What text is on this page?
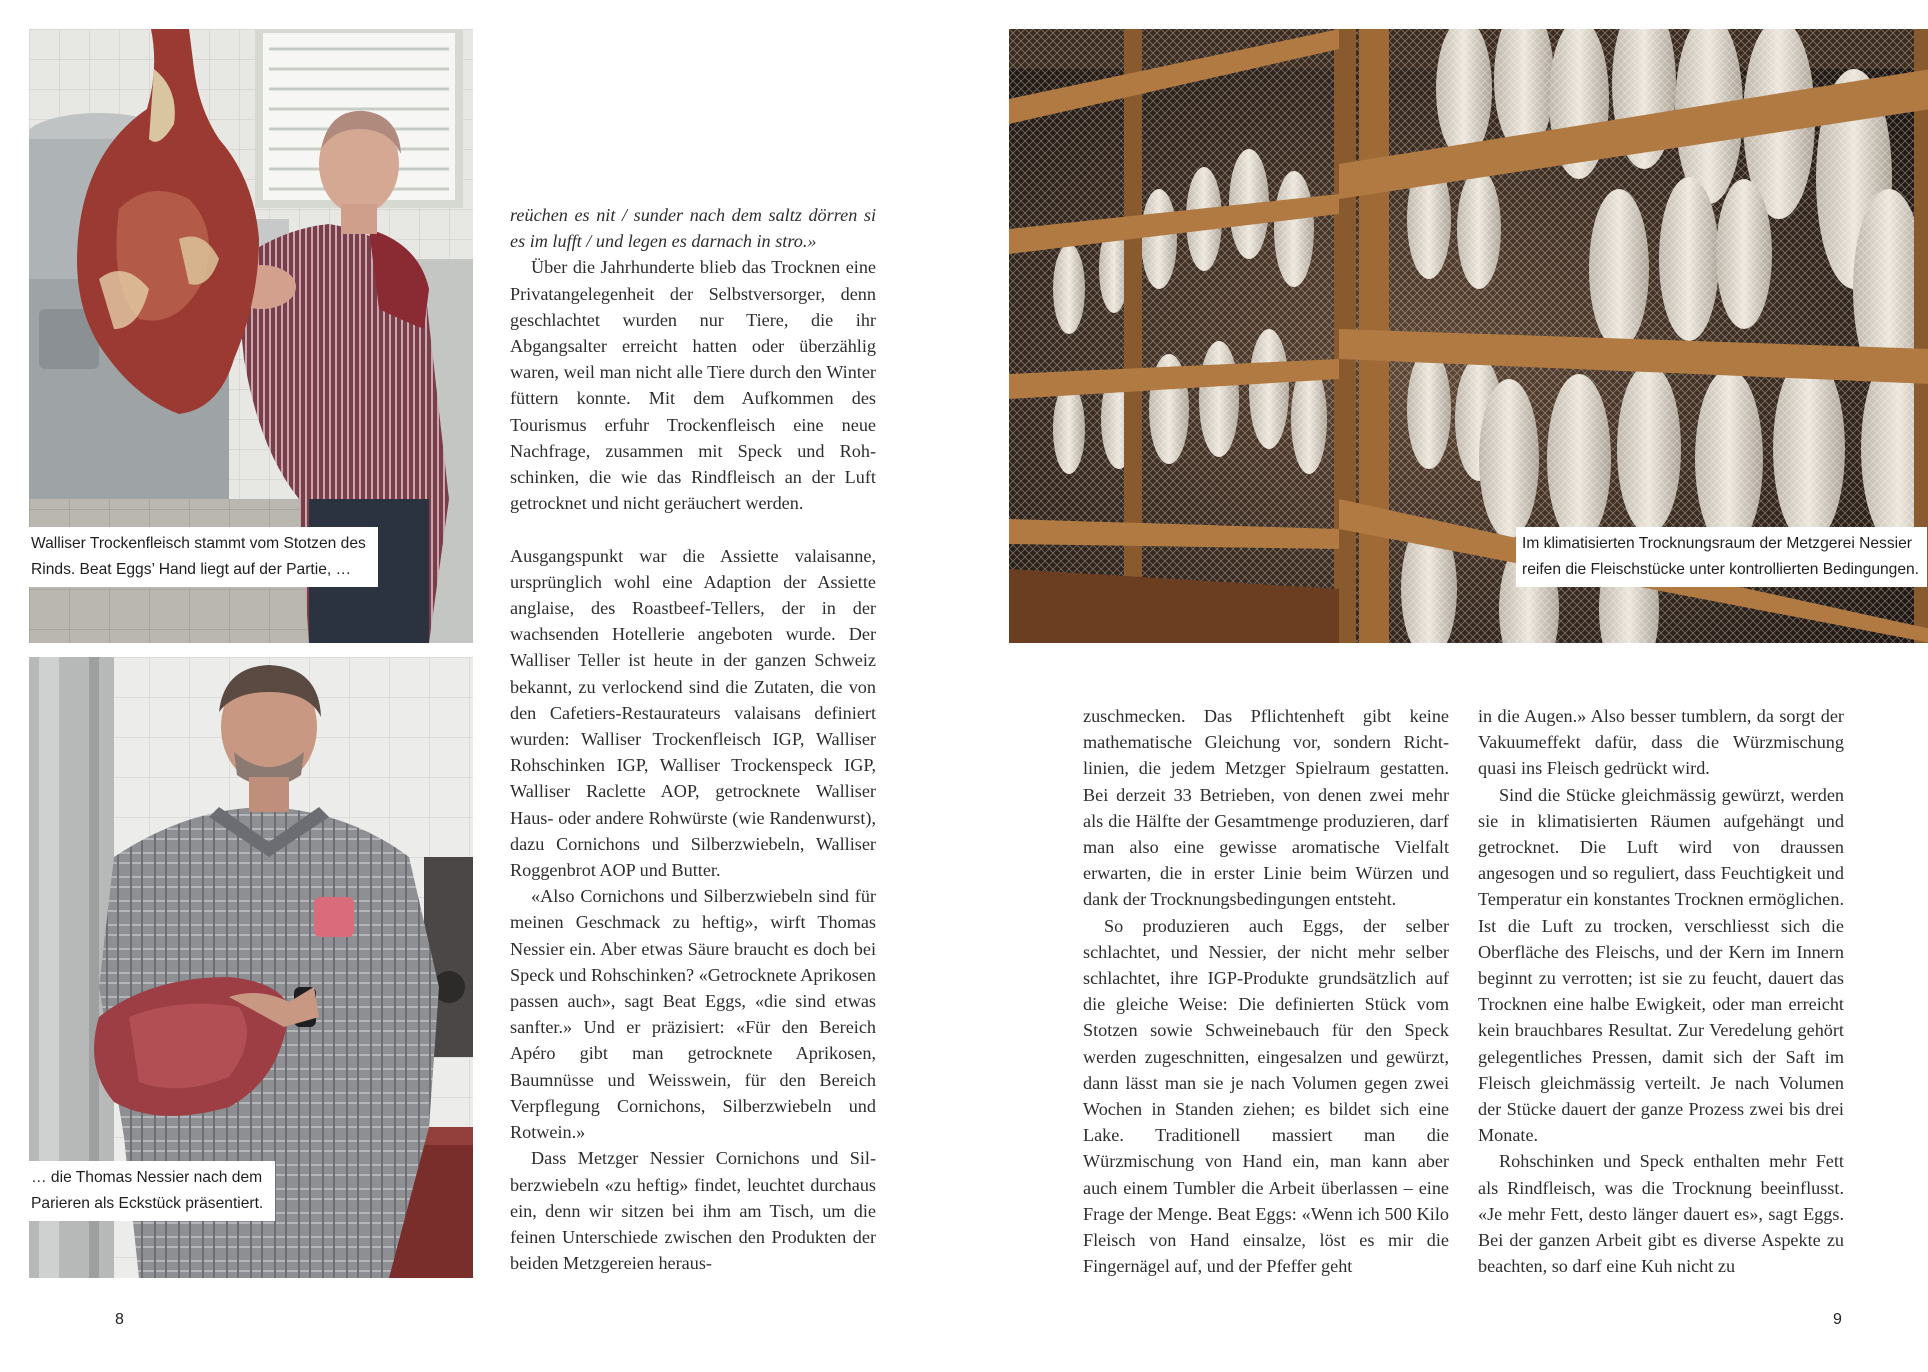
Walliser Trockenfleisch stammt vom Stotzen des
Rinds. Beat Eggs’ Hand liegt auf der Partie, …
… die Thomas Nessier nach dem
Parieren als Eckstück präsentiert.
Im klimatisierten Trocknungsraum der Metzgerei Nessier
reifen die Fleischstücke unter kontrollierten Bedingungen.

reüchen es nit / sunder nach dem saltz dörren si es im lufft / und legen es darnach in stro.»

Über die Jahrhunderte blieb das Trocknen eine Privatangelegenheit der Selbstversorger, denn geschlachtet wurden nur Tiere, die ihr Abgangsalter erreicht hatten oder überzählig waren, weil man nicht alle Tiere durch den Winter füttern konnte. Mit dem Aufkommen des Tourismus erfuhr Trockenfleisch eine neue Nachfrage, zusammen mit Speck und Rohschinken, die wie das Rindfleisch an der Luft getrocknet und nicht geräuchert werden.

Ausgangspunkt war die Assiette valaisanne, ursprünglich wohl eine Adaption der Assiette anglaise, des Roastbeef-Tellers, der in der wachsenden Hotellerie angeboten wurde. Der Walliser Teller ist heute in der ganzen Schweiz bekannt, zu verlockend sind die Zutaten, die von den Cafetiers-Restaurateurs valaisans definiert wurden: Walliser Trockenfleisch IGP, Walliser Rohschinken IGP, Walliser Trockenspeck IGP, Walliser Raclette AOP, getrocknete Walliser Haus- oder andere Rohwürste (wie Randenwurst), dazu Cornichons und Silberzwiebeln, Walliser Roggenbrot AOP und Butter.

«Also Cornichons und Silberzwiebeln sind für meinen Geschmack zu heftig», wirft Thomas Nessier ein. Aber etwas Säure braucht es doch bei Speck und Rohschinken? «Getrocknete Aprikosen passen auch», sagt Beat Eggs, «die sind etwas sanfter.» Und er präzisiert: «Für den Bereich Apéro gibt man getrocknete Aprikosen, Baumnüsse und Weisswein, für den Bereich Verpflegung Cornichons, Silberzwiebeln und Rotwein.»

Dass Metzger Nessier Cornichons und Silberzwiebeln «zu heftig» findet, leuchtet durchaus ein, denn wir sitzen bei ihm am Tisch, um die feinen Unterschiede zwischen den Produkten der beiden Metzgereien heraus-

zuschmecken. Das Pflichtenheft gibt keine mathematische Gleichung vor, sondern Richtlinien, die jedem Metzger Spielraum gestatten. Bei derzeit 33 Betrieben, von denen zwei mehr als die Hälfte der Gesamtmenge produzieren, darf man also eine gewisse aromatische Vielfalt erwarten, die in erster Linie beim Würzen und dank der Trocknungsbedingungen entsteht.

So produzieren auch Eggs, der selber schlachtet, und Nessier, der nicht mehr selber schlachtet, ihre IGP-Produkte grundsätzlich auf die gleiche Weise: Die definierten Stück vom Stotzen sowie Schweinebauch für den Speck werden zugeschnitten, eingesalzen und gewürzt, dann lässt man sie je nach Volumen gegen zwei Wochen in Standen ziehen; es bildet sich eine Lake. Traditionell massiert man die Würzmischung von Hand ein, man kann aber auch einem Tumbler die Arbeit überlassen – eine Frage der Menge. Beat Eggs: «Wenn ich 500 Kilo Fleisch von Hand einsalze, löst es mir die Fingernägel auf, und der Pfeffer geht

in die Augen.» Also besser tumblern, da sorgt der Vakuumeffekt dafür, dass die Würzmischung quasi ins Fleisch gedrückt wird.

Sind die Stücke gleichmässig gewürzt, werden sie in klimatisierten Räumen aufgehängt und getrocknet. Die Luft wird von draussen angesogen und so reguliert, dass Feuchtigkeit und Temperatur ein konstantes Trocknen ermöglichen. Ist die Luft zu trocken, verschliesst sich die Oberfläche des Fleischs, und der Kern im Innern beginnt zu verrotten; ist sie zu feucht, dauert das Trocknen eine halbe Ewigkeit, oder man erreicht kein brauchbares Resultat. Zur Veredelung gehört gelegentliches Pressen, damit sich der Saft im Fleisch gleichmässig verteilt. Je nach Volumen der Stücke dauert der ganze Prozess zwei bis drei Monate.

Rohschinken und Speck enthalten mehr Fett als Rindfleisch, was die Trocknung beeinflusst. «Je mehr Fett, desto länger dauert es», sagt Eggs. Bei der ganzen Arbeit gibt es diverse Aspekte zu beachten, so darf eine Kuh nicht zu

8	9
